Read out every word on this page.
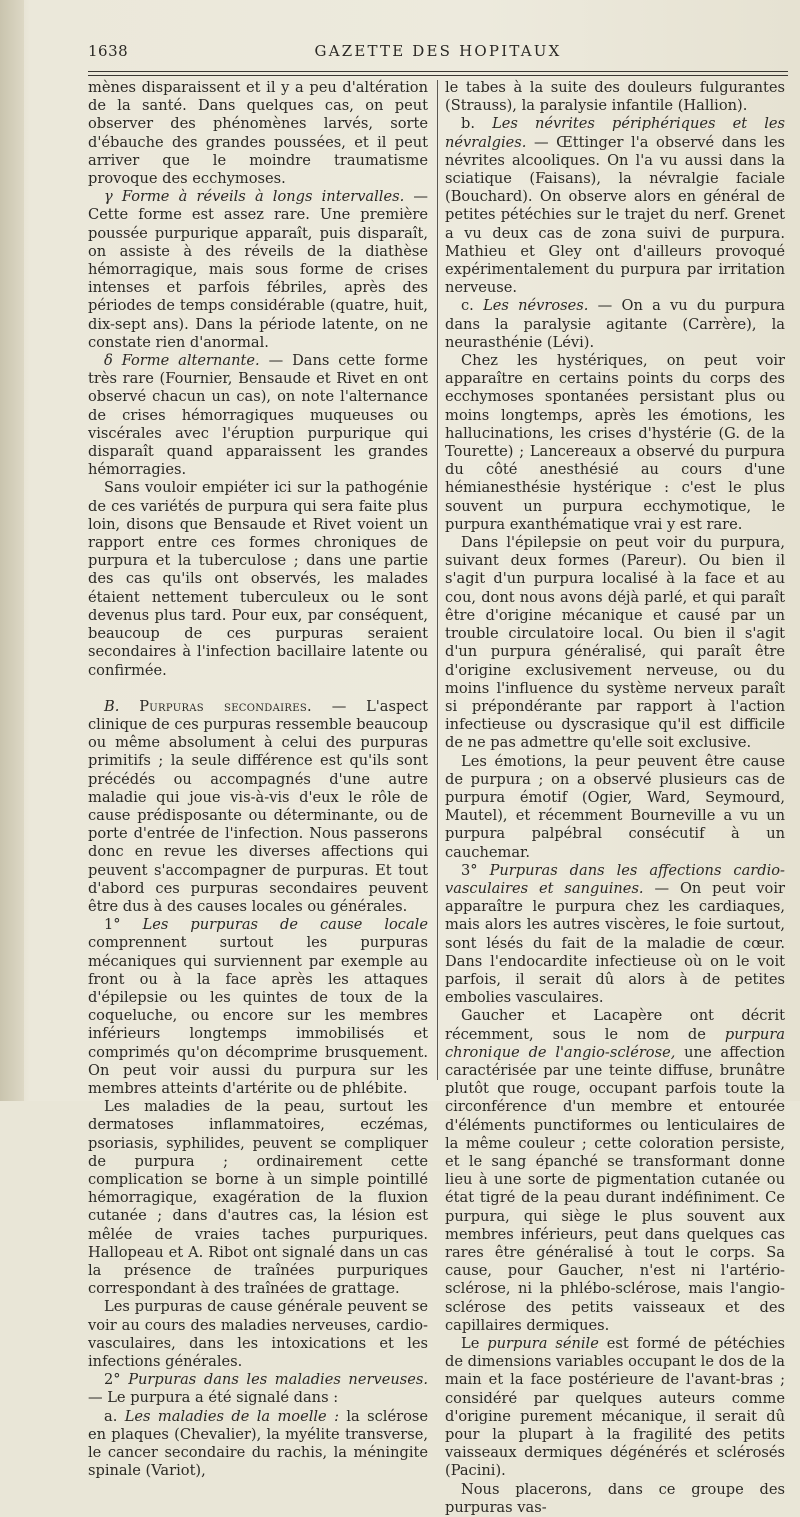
1638	GAZETTE DES HOPITAUX

mènes disparaissent et il y a peu d'altération de la santé. Dans quelques cas, on peut observer des phénomènes larvés, sorte d'ébauche des grandes poussées, et il peut arriver que le moindre traumatisme provoque des ecchymoses.

γ Forme à réveils à longs intervalles. — Cette forme est assez rare. Une première poussée purpurique apparaît, puis disparaît, on assiste à des réveils de la diathèse hémorragique, mais sous forme de crises intenses et parfois fébriles, après des périodes de temps considérable (quatre, huit, dix-sept ans). Dans la période latente, on ne constate rien d'anormal.

δ Forme alternante. — Dans cette forme très rare (Fournier, Bensaude et Rivet en ont observé chacun un cas), on note l'alternance de crises hémorragiques muqueuses ou viscérales avec l'éruption purpurique qui disparaît quand apparaissent les grandes hémorragies.

Sans vouloir empiéter ici sur la pathogénie de ces variétés de purpura qui sera faite plus loin, disons que Bensaude et Rivet voient un rapport entre ces formes chroniques de purpura et la tuberculose ; dans une partie des cas qu'ils ont observés, les malades étaient nettement tuberculeux ou le sont devenus plus tard. Pour eux, par conséquent, beaucoup de ces purpuras seraient secondaires à l'infection bacillaire latente ou confirmée.

B. Purpuras secondaires. — L'aspect clinique de ces purpuras ressemble beaucoup ou même absolument à celui des purpuras primitifs ; la seule différence est qu'ils sont précédés ou accompagnés d'une autre maladie qui joue vis-à-vis d'eux le rôle de cause prédisposante ou déterminante, ou de porte d'entrée de l'infection. Nous passerons donc en revue les diverses affections qui peuvent s'accompagner de purpuras. Et tout d'abord ces purpuras secondaires peuvent être dus à des causes locales ou générales.

1° Les purpuras de cause locale comprennent surtout les purpuras mécaniques qui surviennent par exemple au front ou à la face après les attaques d'épilepsie ou les quintes de toux de la coqueluche, ou encore sur les membres inférieurs longtemps immobilisés et comprimés qu'on décomprime brusquement. On peut voir aussi du purpura sur les membres atteints d'artérite ou de phlébite.

Les maladies de la peau, surtout les dermatoses inflammatoires, eczémas, psoriasis, syphilides, peuvent se compliquer de purpura ; ordinairement cette complication se borne à un simple pointillé hémorragique, exagération de la fluxion cutanée ; dans d'autres cas, la lésion est mêlée de vraies taches purpuriques. Hallopeau et A. Ribot ont signalé dans un cas la présence de traînées purpuriques correspondant à des traînées de grattage.

Les purpuras de cause générale peuvent se voir au cours des maladies nerveuses, cardio-vasculaires, dans les intoxications et les infections générales.

2° Purpuras dans les maladies nerveuses. — Le purpura a été signalé dans :

a. Les maladies de la moelle : la sclérose en plaques (Chevalier), la myélite transverse, le cancer secondaire du rachis, la méningite spinale (Variot),

le tabes à la suite des douleurs fulgurantes (Strauss), la paralysie infantile (Hallion).

b. Les névrites périphériques et les névralgies. — Œttinger l'a observé dans les névrites alcooliques. On l'a vu aussi dans la sciatique (Faisans), la névralgie faciale (Bouchard). On observe alors en général de petites pétéchies sur le trajet du nerf. Grenet a vu deux cas de zona suivi de purpura. Mathieu et Gley ont d'ailleurs provoqué expérimentalement du purpura par irritation nerveuse.

c. Les névroses. — On a vu du purpura dans la paralysie agitante (Carrère), la neurasthénie (Lévi).

Chez les hystériques, on peut voir apparaître en certains points du corps des ecchymoses spontanées persistant plus ou moins longtemps, après les émotions, les hallucinations, les crises d'hystérie (G. de la Tourette) ; Lancereaux a observé du purpura du côté anesthésié au cours d'une hémianesthésie hystérique : c'est le plus souvent un purpura ecchymotique, le purpura exanthématique vrai y est rare.

Dans l'épilepsie on peut voir du purpura, suivant deux formes (Pareur). Ou bien il s'agit d'un purpura localisé à la face et au cou, dont nous avons déjà parlé, et qui paraît être d'origine mécanique et causé par un trouble circulatoire local. Ou bien il s'agit d'un purpura généralisé, qui paraît être d'origine exclusivement nerveuse, ou du moins l'influence du système nerveux paraît si prépondérante par rapport à l'action infectieuse ou dyscrasique qu'il est difficile de ne pas admettre qu'elle soit exclusive.

Les émotions, la peur peuvent être cause de purpura ; on a observé plusieurs cas de purpura émotif (Ogier, Ward, Seymourd, Mautel), et récemment Bourneville a vu un purpura palpébral consécutif à un cauchemar.

3° Purpuras dans les affections cardio-vasculaires et sanguines. — On peut voir apparaître le purpura chez les cardiaques, mais alors les autres viscères, le foie surtout, sont lésés du fait de la maladie de cœur. Dans l'endocardite infectieuse où on le voit parfois, il serait dû alors à de petites embolies vasculaires.

Gaucher et Lacapère ont décrit récemment, sous le nom de purpura chronique de l'angio-sclérose, une affection caractérisée par une teinte diffuse, brunâtre plutôt que rouge, occupant parfois toute la circonférence d'un membre et entourée d'éléments punctiformes ou lenticulaires de la même couleur ; cette coloration persiste, et le sang épanché se transformant donne lieu à une sorte de pigmentation cutanée ou état tigré de la peau durant indéfiniment. Ce purpura, qui siège le plus souvent aux membres inférieurs, peut dans quelques cas rares être généralisé à tout le corps. Sa cause, pour Gaucher, n'est ni l'artério-sclérose, ni la phlébo-sclérose, mais l'angio-sclérose des petits vaisseaux et des capillaires dermiques.

Le purpura sénile est formé de pétéchies de dimensions variables occupant le dos de la main et la face postérieure de l'avant-bras ; considéré par quelques auteurs comme d'origine purement mécanique, il serait dû pour la plupart à la fragilité des petits vaisseaux dermiques dégénérés et sclérosés (Pacini).

Nous placerons, dans ce groupe des purpuras vas-
